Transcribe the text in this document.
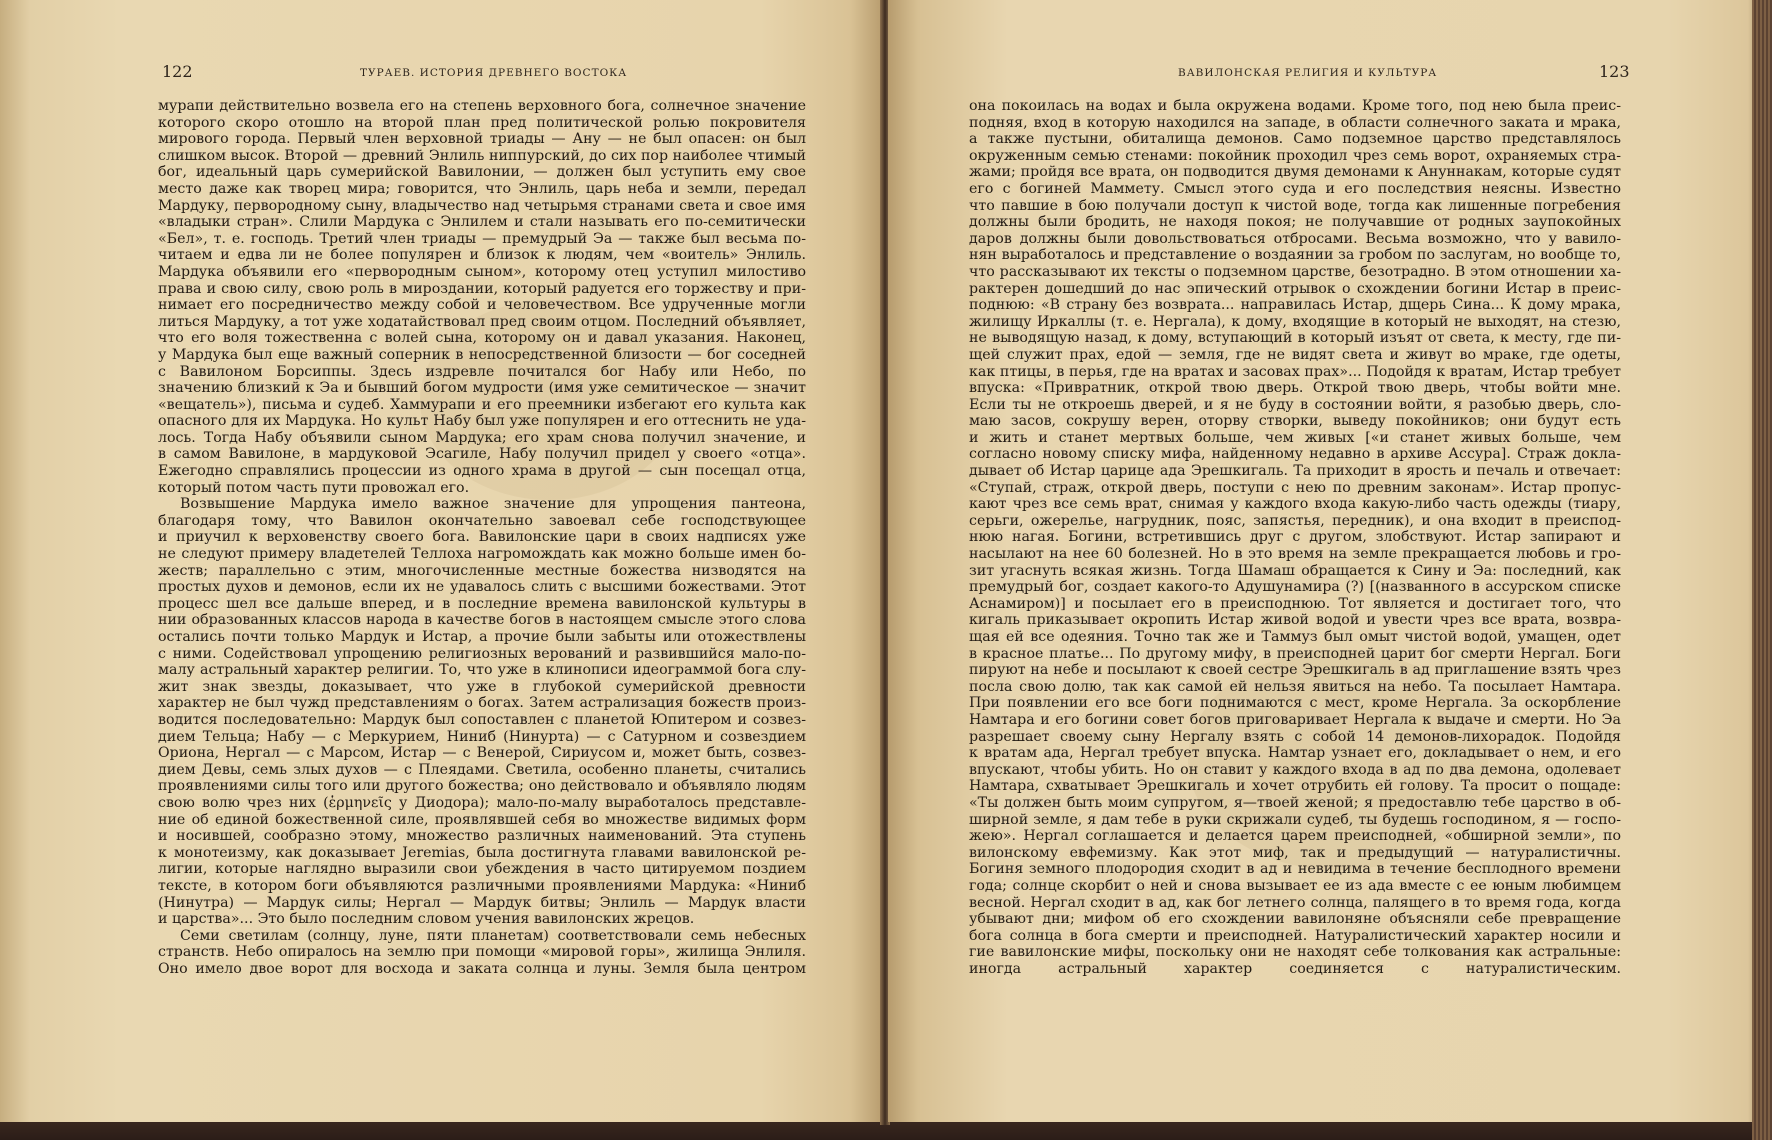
122	ТУРАЕВ. ИСТОРИЯ ДРЕВНЕГО ВОСТОКА
мурапи действительно возвела его на степень верховного бога, солнечное значение
которого скоро отошло на второй план пред политической ролью покровителя
мирового города. Первый член верховной триады — Ану — не был опасен: он был
слишком высок. Второй — древний Энлиль ниппурский, до сих пор наиболее чтимый
бог, идеальный царь сумерийской Вавилонии, — должен был уступить ему свое
место даже как творец мира; говорится, что Энлиль, царь неба и земли, передал
Мардуку, первородному сыну, владычество над четырьмя странами света и свое имя
«владыки стран». Слили Мардука с Энлилем и стали называть его по-семитически
«Бел», т. е. господь. Третий член триады — премудрый Эа — также был весьма по-
читаем и едва ли не более популярен и близок к людям, чем «воитель» Энлиль.
Мардука объявили его «первородным сыном», которому отец уступил милостиво
права и свою силу, свою роль в мироздании, который радуется его торжеству и при-
нимает его посредничество между собой и человечеством. Все удрученные могли
литься Мардуку, а тот уже ходатайствовал пред своим отцом. Последний объявляет,
что его воля тожественна с волей сына, которому он и давал указания. Наконец,
у Мардука был еще важный соперник в непосредственной близости — бог соседней
с Вавилоном Борсиппы. Здесь издревле почитался бог Набу или Небо, по
значению близкий к Эа и бывший богом мудрости (имя уже семитическое — значит
«вещатель»), письма и судеб. Хаммурапи и его преемники избегают его культа как
опасного для их Мардука. Но культ Набу был уже популярен и его оттеснить не уда-
лось. Тогда Набу объявили сыном Мардука; его храм снова получил значение, и
в самом Вавилоне, в мардуковой Эсагиле, Набу получил придел у своего «отца».
Ежегодно справлялись процессии из одного храма в другой — сын посещал отца,
который потом часть пути провожал его.
Возвышение Мардука имело важное значение для упрощения пантеона,
благодаря тому, что Вавилон окончательно завоевал себе господствующее
и приучил к верховенству своего бога. Вавилонские цари в своих надписях уже
не следуют примеру владетелей Теллоха нагромождать как можно больше имен бо-
жеств; параллельно с этим, многочисленные местные божества низводятся на
простых духов и демонов, если их не удавалось слить с высшими божествами. Этот
процесс шел все дальше вперед, и в последние времена вавилонской культуры в
нии образованных классов народа в качестве богов в настоящем смысле этого слова
остались почти только Мардук и Истар, а прочие были забыты или отожествлены
с ними. Содействовал упрощению религиозных верований и развившийся мало-по-
малу астральный характер религии. То, что уже в клинописи идеограммой бога слу-
жит знак звезды, доказывает, что уже в глубокой сумерийской древности
характер не был чужд представлениям о богах. Затем астрализация божеств произ-
водится последовательно: Мардук был сопоставлен с планетой Юпитером и созвез-
дием Тельца; Набу — с Меркурием, Ниниб (Нинурта) — с Сатурном и созвездием
Ориона, Нергал — с Марсом, Истар — с Венерой, Сириусом и, может быть, созвез-
дием Девы, семь злых духов — с Плеядами. Светила, особенно планеты, считались
проявлениями силы того или другого божества; оно действовало и объявляло людям
свою волю чрез них (ἑρμηνεῖς у Диодора); мало-по-малу выработалось представле-
ние об единой божественной силе, проявлявшей себя во множестве видимых форм
и носившей, сообразно этому, множество различных наименований. Эта ступень
к монотеизму, как доказывает Jeremias, была достигнута главами вавилонской ре-
лигии, которые наглядно выразили свои убеждения в часто цитируемом поздием
тексте, в котором боги объявляются различными проявлениями Мардука: «Ниниб
(Нинутра) — Мардук силы; Нергал — Мардук битвы; Энлиль — Мардук власти
и царства»... Это было последним словом учения вавилонских жрецов.
Семи светилам (солнцу, луне, пяти планетам) соответствовали семь небесных
странств. Небо опиралось на землю при помощи «мировой горы», жилища Энлиля.
Оно имело двое ворот для восхода и заката солнца и луны. Земля была центром
ВАВИЛОНСКАЯ РЕЛИГИЯ И КУЛЬТУРА	123
она покоилась на водах и была окружена водами. Кроме того, под нею была преис-
подняя, вход в которую находился на западе, в области солнечного заката и мрака,
а также пустыни, обиталища демонов. Само подземное царство представлялось
окруженным семью стенами: покойник проходил чрез семь ворот, охраняемых стра-
жами; пройдя все врата, он подводится двумя демонами к Ануннакам, которые судят
его с богиней Маммету. Смысл этого суда и его последствия неясны. Известно
что павшие в бою получали доступ к чистой воде, тогда как лишенные погребения
должны были бродить, не находя покоя; не получавшие от родных заупокойных
даров должны были довольствоваться отбросами. Весьма возможно, что у вавило-
нян выработалось и представление о воздаянии за гробом по заслугам, но вообще то,
что рассказывают их тексты о подземном царстве, безотрадно. В этом отношении ха-
рактерен дошедший до нас эпический отрывок о схождении богини Истар в преис-
поднюю: «В страну без возврата... направилась Истар, дщерь Сина... К дому мрака,
жилищу Иркаллы (т. е. Нергала), к дому, входящие в который не выходят, на стезю,
не выводящую назад, к дому, вступающий в который изъят от света, к месту, где пи-
щей служит прах, едой — земля, где не видят света и живут во мраке, где одеты,
как птицы, в перья, где на вратах и засовах прах»... Подойдя к вратам, Истар требует
впуска: «Привратник, открой твою дверь. Открой твою дверь, чтобы войти мне.
Если ты не откроешь дверей, и я не буду в состоянии войти, я разобью дверь, сло-
маю засов, сокрушу верен, оторву створки, выведу покойников; они будут есть
и жить и станет мертвых больше, чем живых [«и станет живых больше, чем
согласно новому списку мифа, найденному недавно в архиве Ассура]. Страж докла-
дывает об Истар царице ада Эрешкигаль. Та приходит в ярость и печаль и отвечает:
«Ступай, страж, открой дверь, поступи с нею по древним законам». Истар пропус-
кают чрез все семь врат, снимая у каждого входа какую-либо часть одежды (тиару,
серьги, ожерелье, нагрудник, пояс, запястья, передник), и она входит в преиспод-
нюю нагая. Богини, встретившись друг с другом, злобствуют. Истар запирают и
насылают на нее 60 болезней. Но в это время на земле прекращается любовь и гро-
зит угаснуть всякая жизнь. Тогда Шамаш обращается к Сину и Эа: последний, как
премудрый бог, создает какого-то Адушунамира (?) [(названного в ассурском списке
Аснамиром)] и посылает его в преисподнюю. Тот является и достигает того, что
кигаль приказывает окропить Истар живой водой и увести чрез все врата, возвра-
щая ей все одеяния. Точно так же и Таммуз был омыт чистой водой, умащен, одет
в красное платье... По другому мифу, в преисподней царит бог смерти Нергал. Боги
пируют на небе и посылают к своей сестре Эрешкигаль в ад приглашение взять чрез
посла свою долю, так как самой ей нельзя явиться на небо. Та посылает Намтара.
При появлении его все боги поднимаются с мест, кроме Нергала. За оскорбление
Намтара и его богини совет богов приговаривает Нергала к выдаче и смерти. Но Эа
разрешает своему сыну Нергалу взять с собой 14 демонов-лихорадок. Подойдя
к вратам ада, Нергал требует впуска. Намтар узнает его, докладывает о нем, и его
впускают, чтобы убить. Но он ставит у каждого входа в ад по два демона, одолевает
Намтара, схватывает Эрешкигаль и хочет отрубить ей голову. Та просит о пощаде:
«Ты должен быть моим супругом, я—твоей женой; я предоставлю тебе царство в об-
ширной земле, я дам тебе в руки скрижали судеб, ты будешь господином, я — госпо-
жею». Нергал соглашается и делается царем преисподней, «обширной земли», по
вилонскому евфемизму. Как этот миф, так и предыдущий — натуралистичны.
Богиня земного плодородия сходит в ад и невидима в течение бесплодного времени
года; солнце скорбит о ней и снова вызывает ее из ада вместе с ее юным любимцем
весной. Нергал сходит в ад, как бог летнего солнца, палящего в то время года, когда
убывают дни; мифом об его схождении вавилоняне объясняли себе превращение
бога солнца в бога смерти и преисподней. Натуралистический характер носили и
гие вавилонские мифы, поскольку они не находят себе толкования как астральные:
иногда астральный характер соединяется с натуралистическим.
